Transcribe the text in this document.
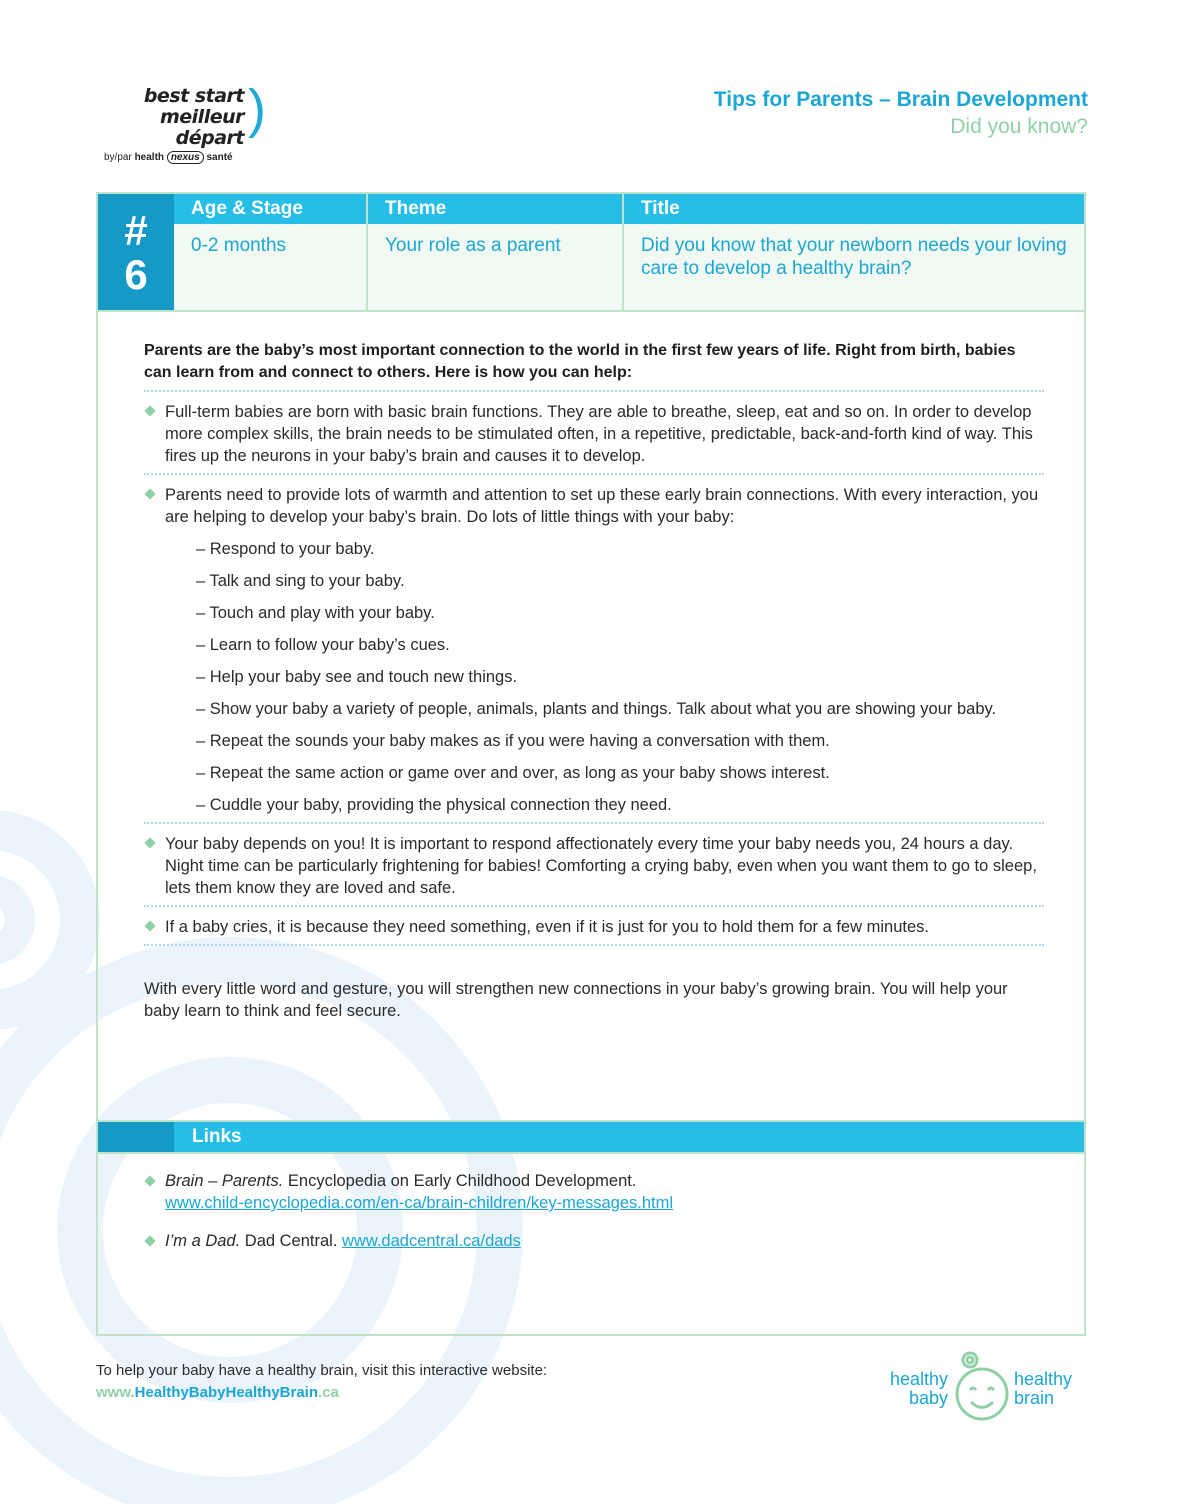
best start
meilleur départ )
by/par health nexus santé
Tips for Parents – Brain Development
Did you know?
#
6
Age & Stage	Theme	Title
0-2 months	Your role as a parent	Did you know that your newborn needs your loving care to develop a healthy brain?
Parents are the baby’s most important connection to the world in the first few years of life. Right from birth, babies can learn from and connect to others. Here is how you can help:
Full-term babies are born with basic brain functions. They are able to breathe, sleep, eat and so on. In order to develop more complex skills, the brain needs to be stimulated often, in a repetitive, predictable, back-and-forth kind of way. This fires up the neurons in your baby’s brain and causes it to develop.
Parents need to provide lots of warmth and attention to set up these early brain connections. With every interaction, you are helping to develop your baby’s brain. Do lots of little things with your baby:
– Respond to your baby.
– Talk and sing to your baby.
– Touch and play with your baby.
– Learn to follow your baby’s cues.
– Help your baby see and touch new things.
– Show your baby a variety of people, animals, plants and things. Talk about what you are showing your baby.
– Repeat the sounds your baby makes as if you were having a conversation with them.
– Repeat the same action or game over and over, as long as your baby shows interest.
– Cuddle your baby, providing the physical connection they need.
Your baby depends on you! It is important to respond affectionately every time your baby needs you, 24 hours a day. Night time can be particularly frightening for babies! Comforting a crying baby, even when you want them to go to sleep, lets them know they are loved and safe.
If a baby cries, it is because they need something, even if it is just for you to hold them for a few minutes.
With every little word and gesture, you will strengthen new connections in your baby’s growing brain. You will help your baby learn to think and feel secure.
Links
Brain – Parents. Encyclopedia on Early Childhood Development.
www.child-encyclopedia.com/en-ca/brain-children/key-messages.html
I’m a Dad. Dad Central. www.dadcentral.ca/dads
To help your baby have a healthy brain, visit this interactive website:
www.HealthyBabyHealthyBrain.ca
healthy
baby
healthy
brain
